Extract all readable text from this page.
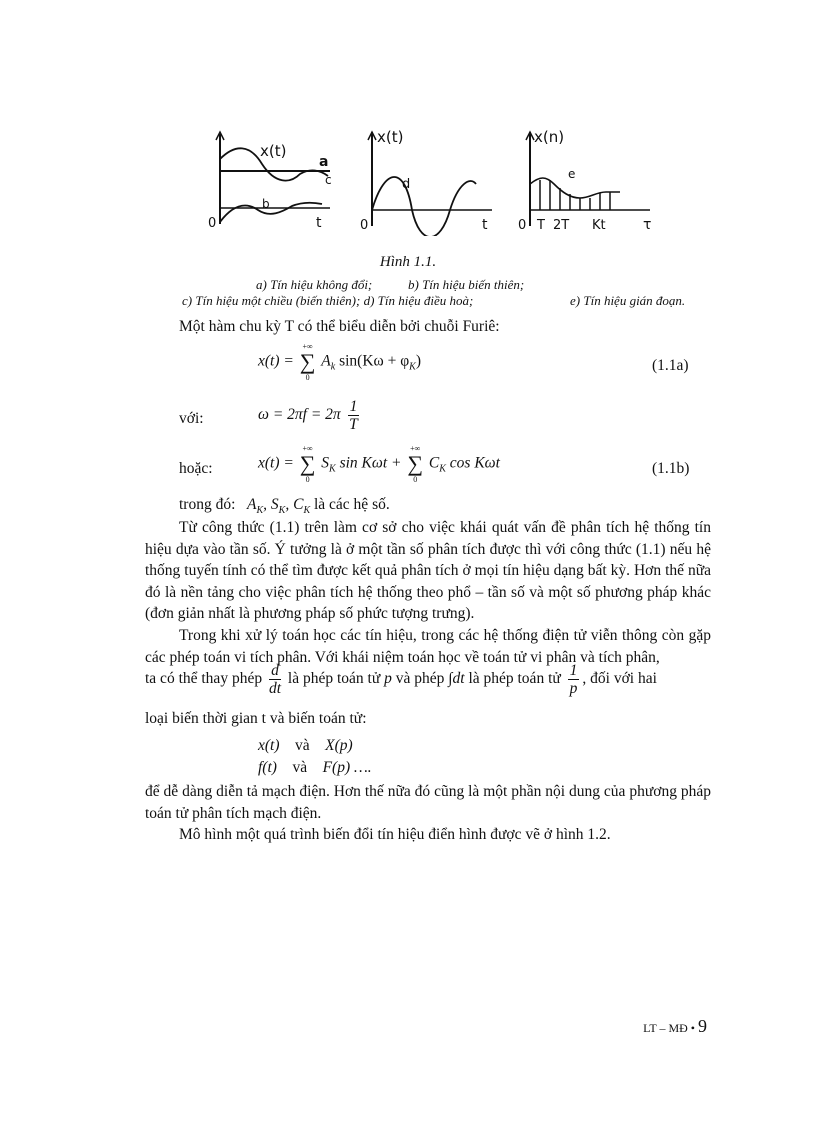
x(t)
a
c
b
0	t
x(t)
d
0	t
x(n)
e
0 T 2T Kt	τ
Hình 1.1.
a) Tín hiệu không đổi;	b) Tín hiệu biến thiên;
c) Tín hiệu một chiều (biến thiên); d) Tín hiệu điều hoà;	e) Tín hiệu gián đoạn.
Một hàm chu kỳ T có thể biểu diễn bởi chuỗi Furiê:
x(t) =
+∞
∑
0
$A_k$ $\sin(K\omega + \varphi_K)$	(1.1a)
với:	$\omega = 2\pi f = 2\pi \frac{1}{T}$
hoặc:	x(t) =
+∞
∑
0
$S_K$ sin Kωt +
+∞
∑
0
$C_K$ cos Kωt	(1.1b)
trong đó: $A_K$, $S_K$, $C_K$ là các hệ số.
Từ công thức (1.1) trên làm cơ sở cho việc khái quát vấn đề phân tích hệ thống tín hiệu dựa vào tần số. Ý tưởng là ở một tần số phân tích được thì với công thức (1.1) nếu hệ thống tuyến tính có thể tìm được kết quả phân tích ở mọi tín hiệu dạng bất kỳ. Hơn thế nữa đó là nền tảng cho việc phân tích hệ thống theo phổ – tần số và một số phương pháp khác (đơn giản nhất là phương pháp số phức tượng trưng).
Trong khi xử lý toán học các tín hiệu, trong các hệ thống điện tử viễn thông còn gặp các phép toán vi tích phân. Với khái niệm toán học về toán tử vi phân và tích phân,
ta có thể thay phép $\frac{d}{dt}$ là phép toán tử p và phép ∫dt là phép toán tử $\frac{1}{p}$ , đối với hai
loại biến thời gian t và biến toán tử:
x(t) và X(p)
f(t) và F(p) ….
để dễ dàng diễn tả mạch điện. Hơn thế nữa đó cũng là một phần nội dung của phương pháp toán tử phân tích mạch điện.
Mô hình một quá trình biến đổi tín hiệu điển hình được vẽ ở hình 1.2.
LT – MĐ • 9
